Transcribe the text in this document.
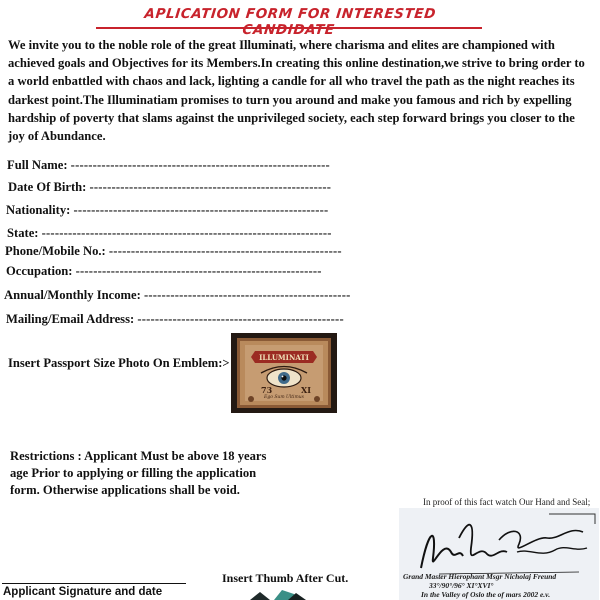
APLICATION FORM FOR INTERESTED CANDIDATE

We invite you to the noble role of the great Illuminati, where charisma and elites are championed with achieved goals and Objectives for its Members.In creating this online destination,we strive to bring order to a world enbattled with chaos and lack, lighting a candle for all who travel the path as the night reaches its darkest point.The Illuminatiam promises to turn you around and make you famous and rich by expelling hardship of poverty that slams against the unprivileged society, each step forward brings you closer to the joy of Abundance.

Full Name: -----------------------------------------------------------
Date Of Birth: -------------------------------------------------------
Nationality: ----------------------------------------------------------
State: ------------------------------------------------------------------
Phone/Mobile No.: -----------------------------------------------------
Occupation: --------------------------------------------------------
Annual/Monthly Income: -----------------------------------------------
Mailing/Email Address: -----------------------------------------------
Insert Passport Size Photo On Emblem:>	ILLUMINATI
73	XI
Ego Sum Ultimus

Restrictions : Applicant Must be above 18 years age Prior to applying or filling the application form. Otherwise applications shall be void.

Applicant Signature and date
Insert Thumb After Cut.
In proof of this fact watch Our Hand and Seal;
Grand Master Hierophant Msgr Nicholaj Freund
33°/90°/96° XI°XVI°
In the Valley of Oslo the of mars 2002 e.v.
